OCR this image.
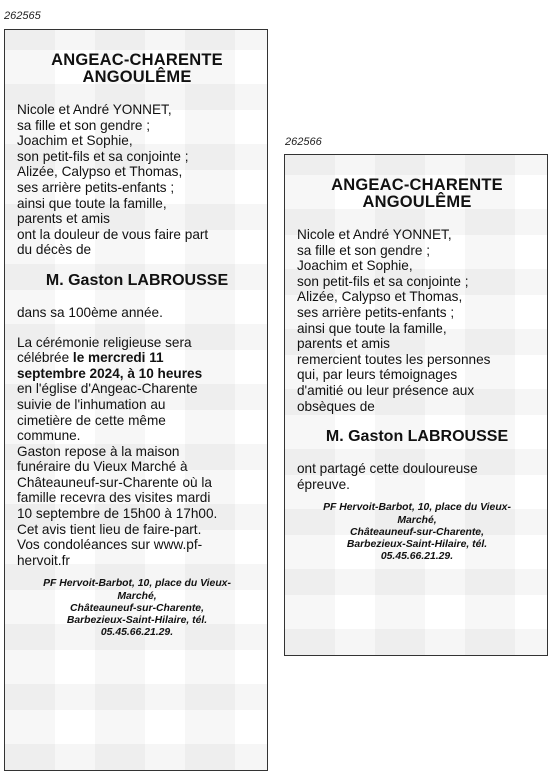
262565
ANGEAC-CHARENTE
ANGOULÊME
Nicole et André YONNET,
sa fille et son gendre ;
Joachim et Sophie,
son petit-fils et sa conjointe ;
Alizée, Calypso et Thomas,
ses arrière petits-enfants ;
ainsi que toute la famille,
parents et amis
ont la douleur de vous faire part
du décès de
M. Gaston LABROUSSE
dans sa 100ème année.
La cérémonie religieuse sera
célébrée le mercredi 11
septembre 2024, à 10 heures
en l'église d'Angeac-Charente
suivie de l'inhumation au
cimetière de cette même
commune.
Gaston repose à la maison
funéraire du Vieux Marché à
Châteauneuf-sur-Charente où la
famille recevra des visites mardi
10 septembre de 15h00 à 17h00.
Cet avis tient lieu de faire-part.
Vos condoléances sur www.pf-
hervoit.fr
PF Hervoit-Barbot, 10, place du Vieux-
Marché,
Châteauneuf-sur-Charente,
Barbezieux-Saint-Hilaire, tél.
05.45.66.21.29.
262566
ANGEAC-CHARENTE
ANGOULÊME
Nicole et André YONNET,
sa fille et son gendre ;
Joachim et Sophie,
son petit-fils et sa conjointe ;
Alizée, Calypso et Thomas,
ses arrière petits-enfants ;
ainsi que toute la famille,
parents et amis
remercient toutes les personnes
qui, par leurs témoignages
d'amitié ou leur présence aux
obsèques de
M. Gaston LABROUSSE
ont partagé cette douloureuse
épreuve.
PF Hervoit-Barbot, 10, place du Vieux-
Marché,
Châteauneuf-sur-Charente,
Barbezieux-Saint-Hilaire, tél.
05.45.66.21.29.
